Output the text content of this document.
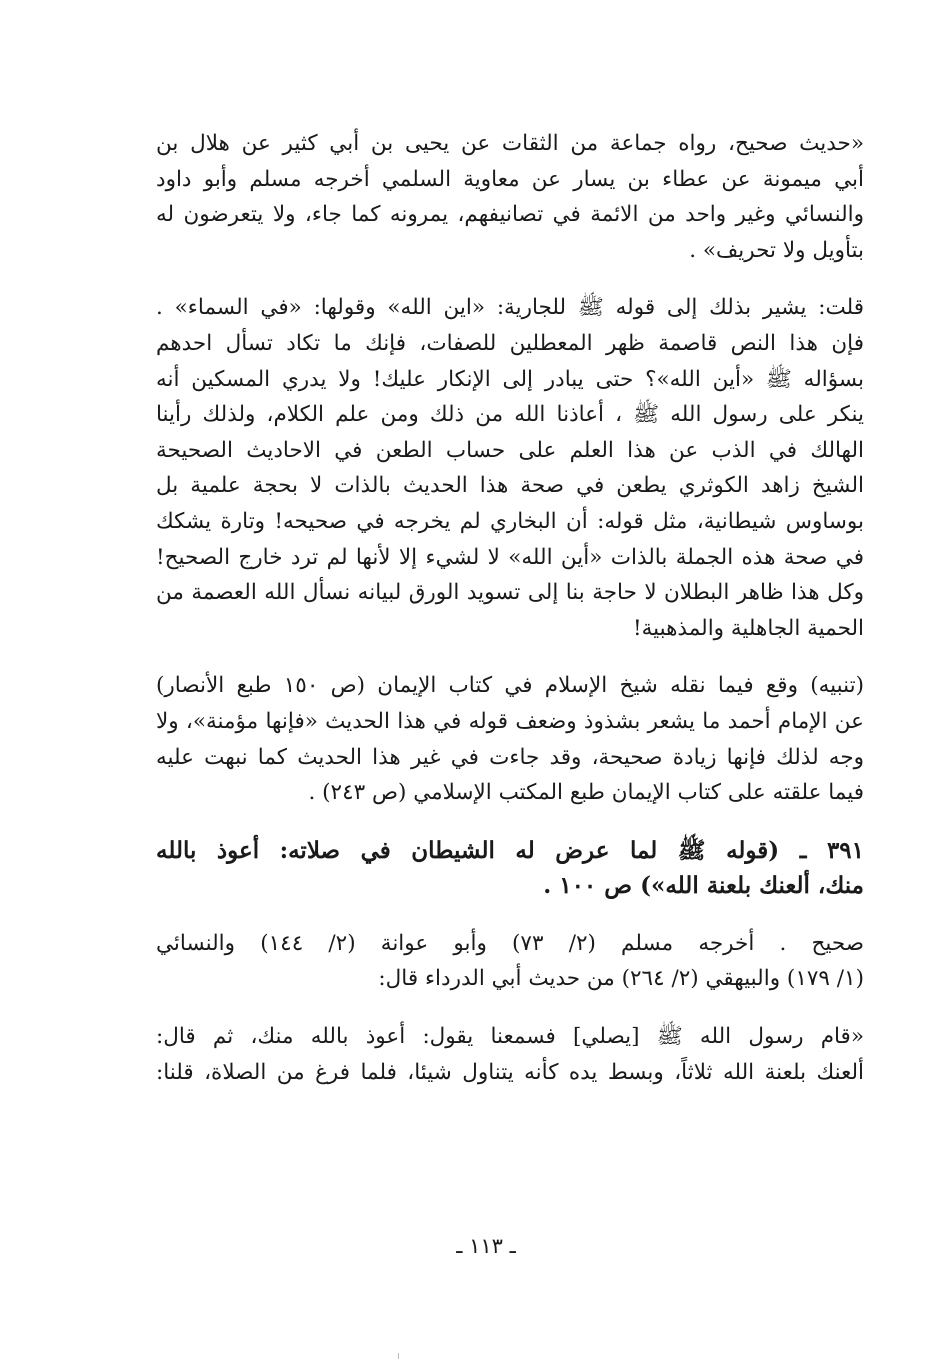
«حديث صحيح، رواه جماعة من الثقات عن يحيى بن أبي كثير عن هلال بن
أبي ميمونة عن عطاء بن يسار عن معاوية السلمي أخرجه مسلم وأبو داود
والنسائي وغير واحد من الائمة في تصانيفهم، يمرونه كما جاء، ولا يتعرضون له
بتأويل ولا تحريف» .

قلت: يشير بذلك إلى قوله ﷺ للجارية: «اين الله» وقولها: «في السماء» .
فإن هذا النص قاصمة ظهر المعطلين للصفات، فإنك ما تكاد تسأل احدهم
بسؤاله ﷺ «أين الله»؟ حتى يبادر إلى الإنكار عليك! ولا يدري المسكين أنه
ينكر على رسول الله ﷺ ، أعاذنا الله من ذلك ومن علم الكلام، ولذلك رأينا
الهالك في الذب عن هذا العلم على حساب الطعن في الاحاديث الصحيحة
الشيخ زاهد الكوثري يطعن في صحة هذا الحديث بالذات لا بحجة علمية بل
بوساوس شيطانية، مثل قوله: أن البخاري لم يخرجه في صحيحه! وتارة يشكك
في صحة هذه الجملة بالذات «أين الله» لا لشيء إلا لأنها لم ترد خارج الصحيح!
وكل هذا ظاهر البطلان لا حاجة بنا إلى تسويد الورق لبيانه نسأل الله العصمة من
الحمية الجاهلية والمذهبية!

(تنبيه) وقع فيما نقله شيخ الإسلام في كتاب الإيمان (ص ١٥٠ طبع الأنصار)
عن الإمام أحمد ما يشعر بشذوذ وضعف قوله في هذا الحديث «فإنها مؤمنة»، ولا
وجه لذلك فإنها زيادة صحيحة، وقد جاءت في غير هذا الحديث كما نبهت عليه
فيما علقته على كتاب الإيمان طبع المكتب الإسلامي (ص ٢٤٣) .

٣٩١ ـ (قوله ﷺ لما عرض له الشيطان في صلاته: أعوذ بالله
منك، ألعنك بلعنة الله») ص ١٠٠ .

صحيح . أخرجه مسلم (٢/ ٧٣) وأبو عوانة (٢/ ١٤٤) والنسائي
(١/ ١٧٩) والبيهقي (٢/ ٢٦٤) من حديث أبي الدرداء قال:

«قام رسول الله ﷺ [يصلي] فسمعنا يقول: أعوذ بالله منك، ثم قال:
ألعنك بلعنة الله ثلاثاً، وبسط يده كأنه يتناول شيئا، فلما فرغ من الصلاة، قلنا:

ـ ١١٣ ـ
